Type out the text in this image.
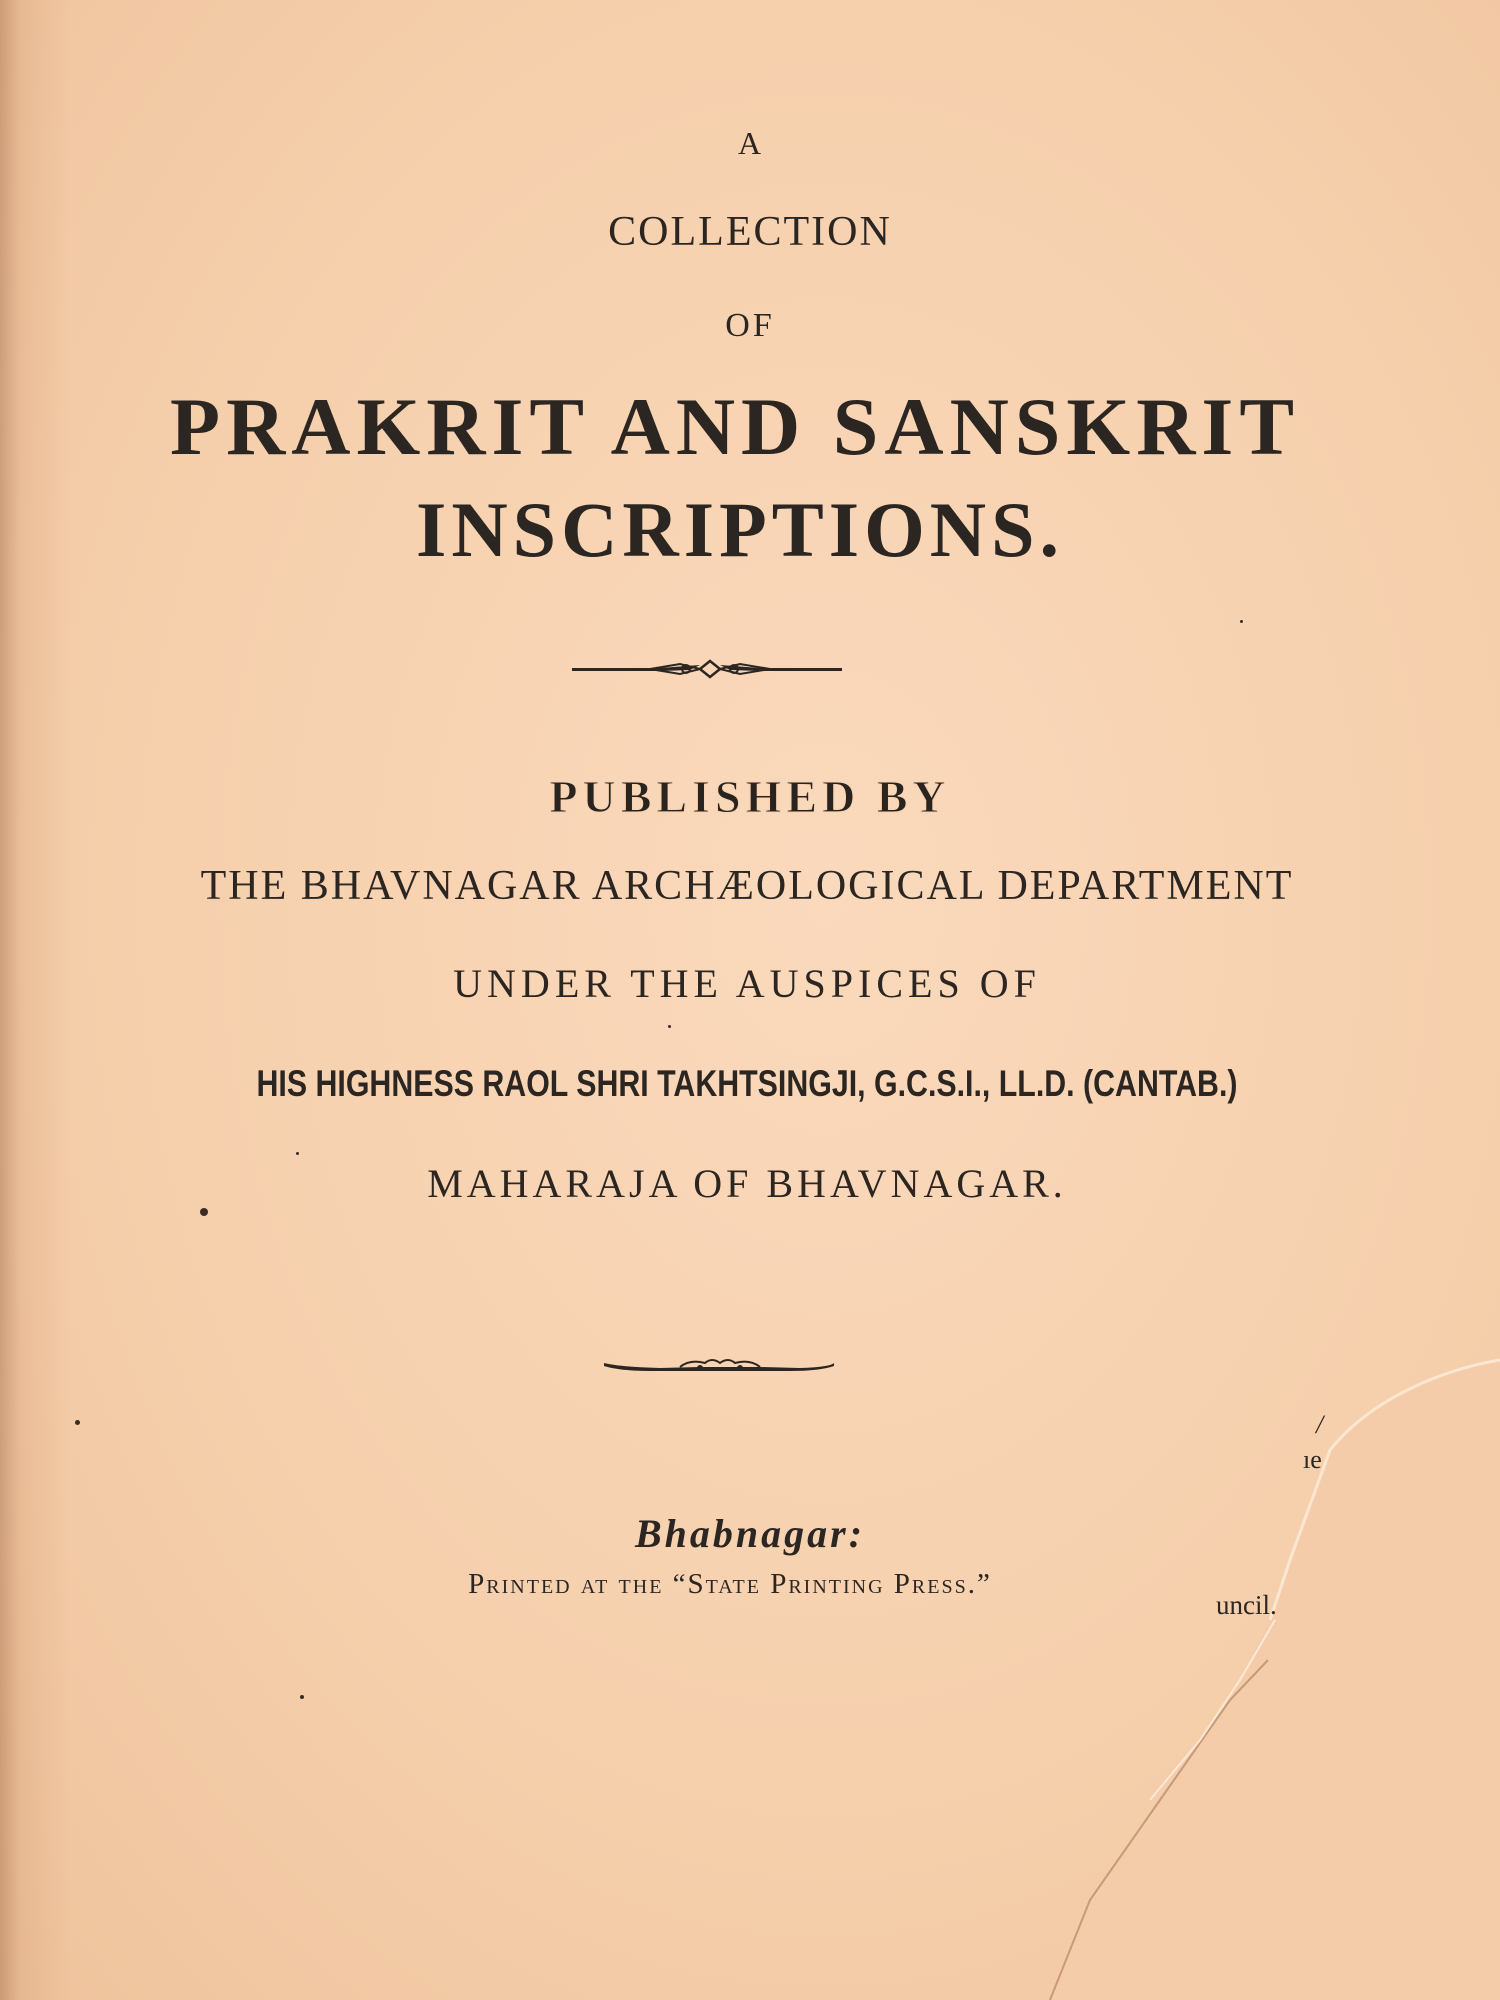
A
COLLECTION
OF
PRAKRIT AND SANSKRIT
INSCRIPTIONS.
PUBLISHED BY
THE BHAVNAGAR ARCHÆOLOGICAL DEPARTMENT
UNDER THE AUSPICES OF
HIS HIGHNESS RAOL SHRI TAKHTSINGJI, G.C.S.I., LL.D. (CANTAB.)
MAHARAJA OF BHAVNAGAR.
Bhabnagar:
Printed at the “State Printing Press.”
/
ıe
uncil.
